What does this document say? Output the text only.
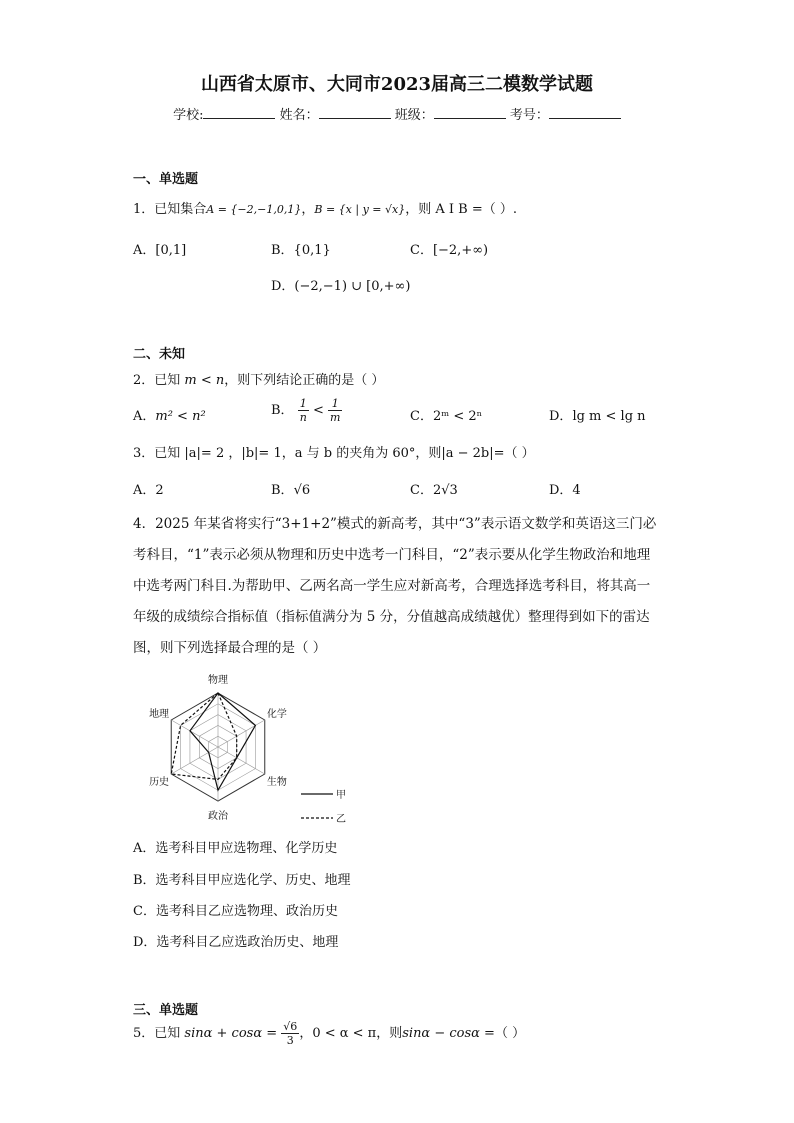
山西省太原市、大同市2023届高三二模数学试题
学校:	姓名：	班级：	考号：
一、单选题
1．已知集合A = {−2,−1,0,1}，B = {x | y = √x}，则 A I B =（ ）.
A．[0,1]	B．{0,1}	C．[−2,+∞)
D．(−2,−1) ∪ [0,+∞)
二、未知
2．已知 m < n，则下列结论正确的是（ ）
A．m² < n²	B． $\frac{1}{n} < \frac{1}{m}$	C．2ᵐ < 2ⁿ	D．lg m < lg n
3．已知 |a|= 2 ，|b|= 1，a 与 b 的夹角为 60°，则|a − 2b|=（ ）
A．2	B．√6	C．2√3	D．4
4．2025 年某省将实行“3+1+2”模式的新高考，其中“3”表示语文数学和英语这三门必考科目，“1”表示必须从物理和历史中选考一门科目，“2”表示要从化学生物政治和地理中选考两门科目.为帮助甲、乙两名高一学生应对新高考，合理选择选考科目，将其高一年级的成绩综合指标值（指标值满分为 5 分，分值越高成绩越优）整理得到如下的雷达图，则下列选择最合理的是（ ）
物理
化学
生物
政治
历史
地理
甲
乙
A．选考科目甲应选物理、化学历史
B．选考科目甲应选化学、历史、地理
C．选考科目乙应选物理、政治历史
D．选考科目乙应选政治历史、地理
三、单选题
5．已知 $\sin\alpha + \cos\alpha = \frac{√6}{3}$ ，0 < α < π，则sinα − cosα =（ ）
